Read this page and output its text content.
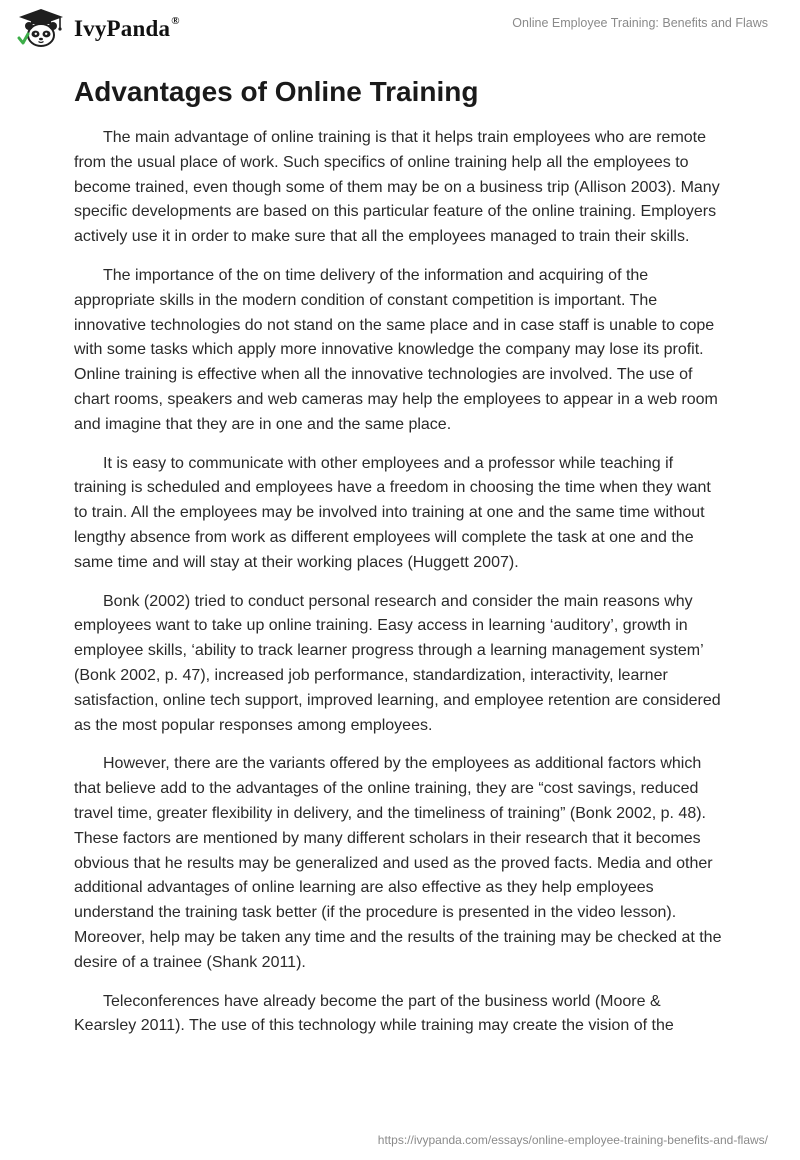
IvyPanda®	Online Employee Training: Benefits and Flaws
Advantages of Online Training

The main advantage of online training is that it helps train employees who are remote from the usual place of work. Such specifics of online training help all the employees to become trained, even though some of them may be on a business trip (Allison 2003). Many specific developments are based on this particular feature of the online training. Employers actively use it in order to make sure that all the employees managed to train their skills.

The importance of the on time delivery of the information and acquiring of the appropriate skills in the modern condition of constant competition is important. The innovative technologies do not stand on the same place and in case staff is unable to cope with some tasks which apply more innovative knowledge the company may lose its profit. Online training is effective when all the innovative technologies are involved. The use of chart rooms, speakers and web cameras may help the employees to appear in a web room and imagine that they are in one and the same place.

It is easy to communicate with other employees and a professor while teaching if training is scheduled and employees have a freedom in choosing the time when they want to train. All the employees may be involved into training at one and the same time without lengthy absence from work as different employees will complete the task at one and the same time and will stay at their working places (Huggett 2007).

Bonk (2002) tried to conduct personal research and consider the main reasons why employees want to take up online training. Easy access in learning ‘auditory’, growth in employee skills, ‘ability to track learner progress through a learning management system’ (Bonk 2002, p. 47), increased job performance, standardization, interactivity, learner satisfaction, online tech support, improved learning, and employee retention are considered as the most popular responses among employees.

However, there are the variants offered by the employees as additional factors which that believe add to the advantages of the online training, they are “cost savings, reduced travel time, greater flexibility in delivery, and the timeliness of training” (Bonk 2002, p. 48). These factors are mentioned by many different scholars in their research that it becomes obvious that he results may be generalized and used as the proved facts. Media and other additional advantages of online learning are also effective as they help employees understand the training task better (if the procedure is presented in the video lesson). Moreover, help may be taken any time and the results of the training may be checked at the desire of a trainee (Shank 2011).

Teleconferences have already become the part of the business world (Moore & Kearsley 2011). The use of this technology while training may create the vision of the

https://ivypanda.com/essays/online-employee-training-benefits-and-flaws/
